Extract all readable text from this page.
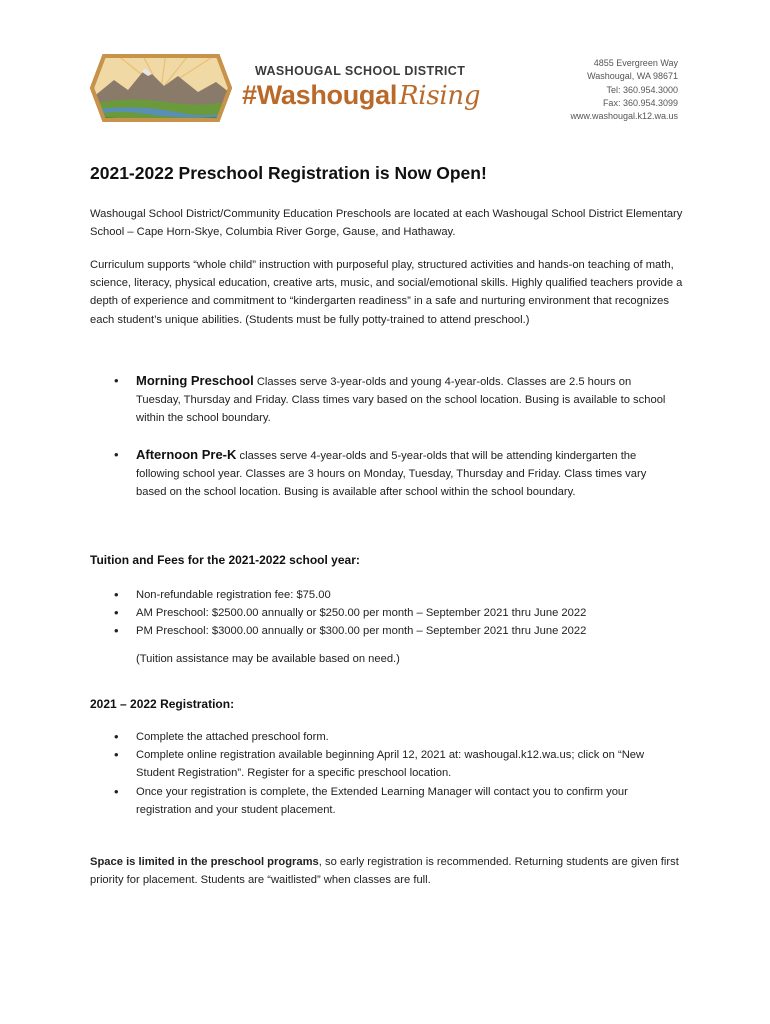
WASHOUGAL SCHOOL DISTRICT
#WashougalRising
4855 Evergreen Way
Washougal, WA 98671
Tel: 360.954.3000
Fax: 360.954.3099
www.washougal.k12.wa.us
2021-2022 Preschool Registration is Now Open!
Washougal School District/Community Education Preschools are located at each Washougal School District Elementary School – Cape Horn-Skye, Columbia River Gorge, Gause, and Hathaway.
Curriculum supports “whole child” instruction with purposeful play, structured activities and hands-on teaching of math, science, literacy, physical education, creative arts, music, and social/emotional skills. Highly qualified teachers provide a depth of experience and commitment to “kindergarten readiness” in a safe and nurturing environment that recognizes each student’s unique abilities. (Students must be fully potty-trained to attend preschool.)
• Morning Preschool Classes serve 3-year-olds and young 4-year-olds. Classes are 2.5 hours on Tuesday, Thursday and Friday. Class times vary based on the school location. Busing is available to school within the school boundary.
• Afternoon Pre-K classes serve 4-year-olds and 5-year-olds that will be attending kindergarten the following school year. Classes are 3 hours on Monday, Tuesday, Thursday and Friday. Class times vary based on the school location. Busing is available after school within the school boundary.
Tuition and Fees for the 2021-2022 school year:
• Non-refundable registration fee: $75.00
• AM Preschool: $2500.00 annually or $250.00 per month – September 2021 thru June 2022
• PM Preschool: $3000.00 annually or $300.00 per month – September 2021 thru June 2022
(Tuition assistance may be available based on need.)
2021 – 2022 Registration:
• Complete the attached preschool form.
• Complete online registration available beginning April 12, 2021 at: washougal.k12.wa.us; click on “New Student Registration”. Register for a specific preschool location.
• Once your registration is complete, the Extended Learning Manager will contact you to confirm your registration and your student placement.
Space is limited in the preschool programs, so early registration is recommended. Returning students are given first priority for placement. Students are “waitlisted” when classes are full.
